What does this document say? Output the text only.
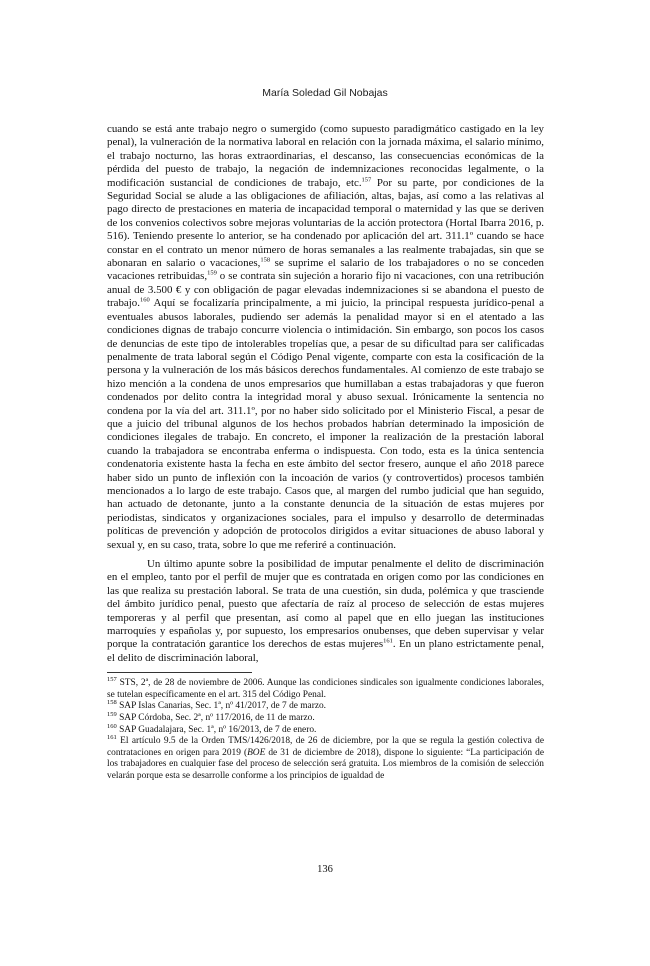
María Soledad Gil Nobajas

cuando se está ante trabajo negro o sumergido (como supuesto paradigmático castigado en la ley penal), la vulneración de la normativa laboral en relación con la jornada máxima, el salario mínimo, el trabajo nocturno, las horas extraordinarias, el descanso, las consecuencias económicas de la pérdida del puesto de trabajo, la negación de indemnizaciones reconocidas legalmente, o la modificación sustancial de condiciones de trabajo, etc.$^{157}$ Por su parte, por condiciones de la Seguridad Social se alude a las obligaciones de afiliación, altas, bajas, así como a las relativas al pago directo de prestaciones en materia de incapacidad temporal o maternidad y las que se deriven de los convenios colectivos sobre mejoras voluntarias de la acción protectora (Hortal Ibarra 2016, p. 516). Teniendo presente lo anterior, se ha condenado por aplicación del art. 311.1º cuando se hace constar en el contrato un menor número de horas semanales a las realmente trabajadas, sin que se abonaran en salario o vacaciones,$^{158}$ se suprime el salario de los trabajadores o no se conceden vacaciones retribuidas,$^{159}$ o se contrata sin sujeción a horario fijo ni vacaciones, con una retribución anual de 3.500 € y con obligación de pagar elevadas indemnizaciones si se abandona el puesto de trabajo.$^{160}$ Aquí se focalizaría principalmente, a mi juicio, la principal respuesta jurídico-penal a eventuales abusos laborales, pudiendo ser además la penalidad mayor si en el atentado a las condiciones dignas de trabajo concurre violencia o intimidación. Sin embargo, son pocos los casos de denuncias de este tipo de intolerables tropelías que, a pesar de su dificultad para ser calificadas penalmente de trata laboral según el Código Penal vigente, comparte con esta la cosificación de la persona y la vulneración de los más básicos derechos fundamentales. Al comienzo de este trabajo se hizo mención a la condena de unos empresarios que humillaban a estas trabajadoras y que fueron condenados por delito contra la integridad moral y abuso sexual. Irónicamente la sentencia no condena por la vía del art. 311.1º, por no haber sido solicitado por el Ministerio Fiscal, a pesar de que a juicio del tribunal algunos de los hechos probados habrían determinado la imposición de condiciones ilegales de trabajo. En concreto, el imponer la realización de la prestación laboral cuando la trabajadora se encontraba enferma o indispuesta. Con todo, esta es la única sentencia condenatoria existente hasta la fecha en este ámbito del sector fresero, aunque el año 2018 parece haber sido un punto de inflexión con la incoación de varios (y controvertidos) procesos también mencionados a lo largo de este trabajo. Casos que, al margen del rumbo judicial que han seguido, han actuado de detonante, junto a la constante denuncia de la situación de estas mujeres por periodistas, sindicatos y organizaciones sociales, para el impulso y desarrollo de determinadas políticas de prevención y adopción de protocolos dirigidos a evitar situaciones de abuso laboral y sexual y, en su caso, trata, sobre lo que me referiré a continuación.

Un último apunte sobre la posibilidad de imputar penalmente el delito de discriminación en el empleo, tanto por el perfil de mujer que es contratada en origen como por las condiciones en las que realiza su prestación laboral. Se trata de una cuestión, sin duda, polémica y que trasciende del ámbito jurídico penal, puesto que afectaría de raíz al proceso de selección de estas mujeres temporeras y al perfil que presentan, así como al papel que en ello juegan las instituciones marroquíes y españolas y, por supuesto, los empresarios onubenses, que deben supervisar y velar porque la contratación garantice los derechos de estas mujeres$^{161}$. En un plano estrictamente penal, el delito de discriminación laboral,

$^{157}$ STS, 2ª, de 28 de noviembre de 2006. Aunque las condiciones sindicales son igualmente condiciones laborales, se tutelan específicamente en el art. 315 del Código Penal.

$^{158}$ SAP Islas Canarias, Sec. 1ª, nº 41/2017, de 7 de marzo.

$^{159}$ SAP Córdoba, Sec. 2ª, nº 117/2016, de 11 de marzo.

$^{160}$ SAP Guadalajara, Sec. 1ª, nº 16/2013, de 7 de enero.

$^{161}$ El artículo 9.5 de la Orden TMS/1426/2018, de 26 de diciembre, por la que se regula la gestión colectiva de contrataciones en origen para 2019 (BOE de 31 de diciembre de 2018), dispone lo siguiente: “La participación de los trabajadores en cualquier fase del proceso de selección será gratuita. Los miembros de la comisión de selección velarán porque esta se desarrolle conforme a los principios de igualdad de

136
